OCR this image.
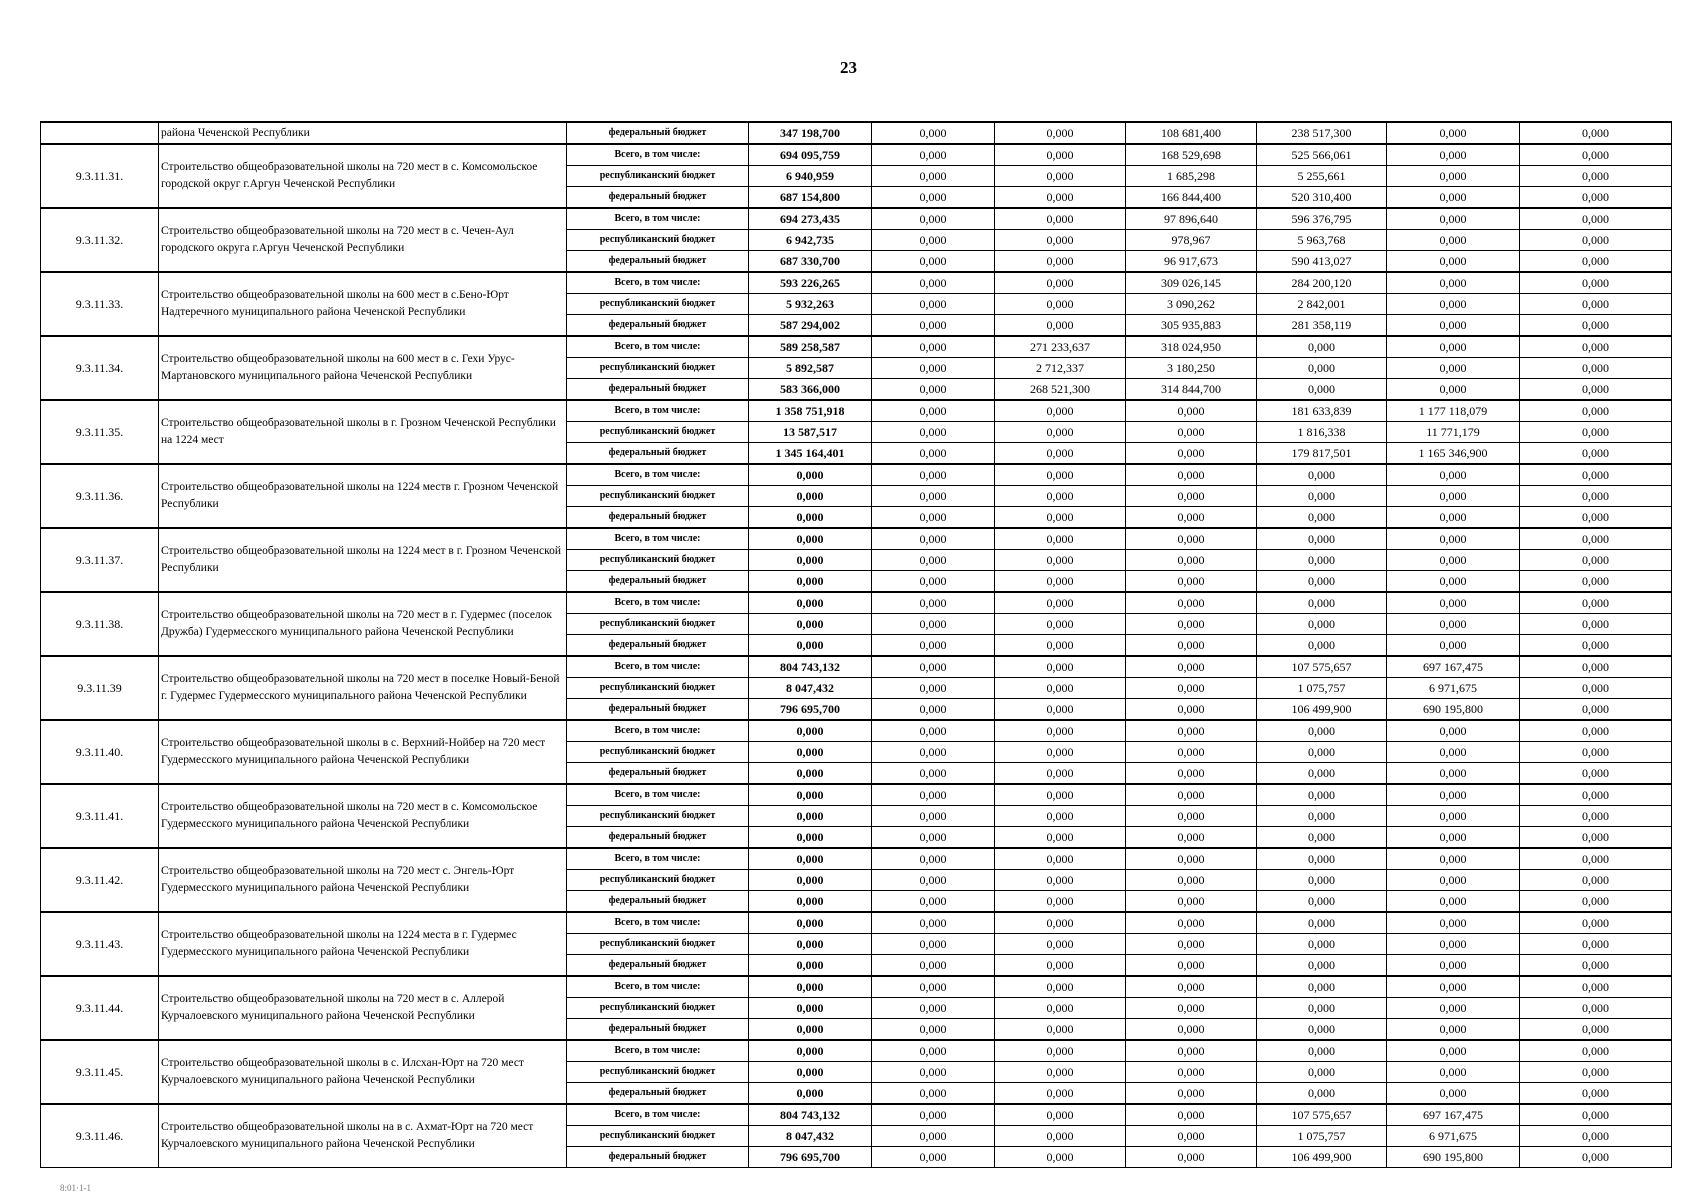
23
	района Чеченской Республики	федеральный бюджет	347 198,700	0,000	0,000	108 681,400	238 517,300	0,000	0,000
9.3.11.31.	Строительство общеобразовательной школы на 720 мест в с. Комсомольское городской округ г.Аргун Чеченской Республики	Всего, в том числе:	694 095,759	0,000	0,000	168 529,698	525 566,061	0,000	0,000
		республиканский бюджет	6 940,959	0,000	0,000	1 685,298	5 255,661	0,000	0,000
		федеральный бюджет	687 154,800	0,000	0,000	166 844,400	520 310,400	0,000	0,000
9.3.11.32.	Строительство общеобразовательной школы на 720 мест в с. Чечен-Аул городского округа г.Аргун Чеченской Республики	Всего, в том числе:	694 273,435	0,000	0,000	97 896,640	596 376,795	0,000	0,000
		республиканский бюджет	6 942,735	0,000	0,000	978,967	5 963,768	0,000	0,000
		федеральный бюджет	687 330,700	0,000	0,000	96 917,673	590 413,027	0,000	0,000
9.3.11.33.	Строительство общеобразовательной школы на 600 мест в с.Бено-Юрт Надтеречного муниципального района Чеченской Республики	Всего, в том числе:	593 226,265	0,000	0,000	309 026,145	284 200,120	0,000	0,000
		республиканский бюджет	5 932,263	0,000	0,000	3 090,262	2 842,001	0,000	0,000
		федеральный бюджет	587 294,002	0,000	0,000	305 935,883	281 358,119	0,000	0,000
9.3.11.34.	Строительство общеобразовательной школы на 600 мест в с. Гехи Урус-Мартановского муниципального района Чеченской Республики	Всего, в том числе:	589 258,587	0,000	271 233,637	318 024,950	0,000	0,000	0,000
		республиканский бюджет	5 892,587	0,000	2 712,337	3 180,250	0,000	0,000	0,000
		федеральный бюджет	583 366,000	0,000	268 521,300	314 844,700	0,000	0,000	0,000
9.3.11.35.	Строительство общеобразовательной школы в г. Грозном Чеченской Республики на 1224 мест	Всего, в том числе:	1 358 751,918	0,000	0,000	0,000	181 633,839	1 177 118,079	0,000
		республиканский бюджет	13 587,517	0,000	0,000	0,000	1 816,338	11 771,179	0,000
		федеральный бюджет	1 345 164,401	0,000	0,000	0,000	179 817,501	1 165 346,900	0,000
9.3.11.36.	Строительство общеобразовательной школы на 1224 меств г. Грозном Чеченской Республики	Всего, в том числе:	0,000	0,000	0,000	0,000	0,000	0,000	0,000
		республиканский бюджет	0,000	0,000	0,000	0,000	0,000	0,000	0,000
		федеральный бюджет	0,000	0,000	0,000	0,000	0,000	0,000	0,000
9.3.11.37.	Строительство общеобразовательной школы на 1224 мест в г. Грозном Чеченской Республики	Всего, в том числе:	0,000	0,000	0,000	0,000	0,000	0,000	0,000
		республиканский бюджет	0,000	0,000	0,000	0,000	0,000	0,000	0,000
		федеральный бюджет	0,000	0,000	0,000	0,000	0,000	0,000	0,000
9.3.11.38.	Строительство общеобразовательной школы на 720 мест в г. Гудермес (поселок Дружба) Гудермесского муниципального района Чеченской Республики	Всего, в том числе:	0,000	0,000	0,000	0,000	0,000	0,000	0,000
		республиканский бюджет	0,000	0,000	0,000	0,000	0,000	0,000	0,000
		федеральный бюджет	0,000	0,000	0,000	0,000	0,000	0,000	0,000
9.3.11.39	Строительство общеобразовательной школы на 720 мест в поселке Новый-Беной г. Гудермес Гудермесского муниципального района Чеченской Республики	Всего, в том числе:	804 743,132	0,000	0,000	0,000	107 575,657	697 167,475	0,000
		республиканский бюджет	8 047,432	0,000	0,000	0,000	1 075,757	6 971,675	0,000
		федеральный бюджет	796 695,700	0,000	0,000	0,000	106 499,900	690 195,800	0,000
9.3.11.40.	Строительство общеобразовательной школы в с. Верхний-Нойбер на 720 мест Гудермесского муниципального района Чеченской Республики	Всего, в том числе:	0,000	0,000	0,000	0,000	0,000	0,000	0,000
		республиканский бюджет	0,000	0,000	0,000	0,000	0,000	0,000	0,000
		федеральный бюджет	0,000	0,000	0,000	0,000	0,000	0,000	0,000
9.3.11.41.	Строительство общеобразовательной школы на 720 мест в с. Комсомольское Гудермесского муниципального района Чеченской Республики	Всего, в том числе:	0,000	0,000	0,000	0,000	0,000	0,000	0,000
		республиканский бюджет	0,000	0,000	0,000	0,000	0,000	0,000	0,000
		федеральный бюджет	0,000	0,000	0,000	0,000	0,000	0,000	0,000
9.3.11.42.	Строительство общеобразовательной школы на 720 мест с. Энгель-Юрт Гудермесского муниципального района Чеченской Республики	Всего, в том числе:	0,000	0,000	0,000	0,000	0,000	0,000	0,000
		республиканский бюджет	0,000	0,000	0,000	0,000	0,000	0,000	0,000
		федеральный бюджет	0,000	0,000	0,000	0,000	0,000	0,000	0,000
9.3.11.43.	Строительство общеобразовательной школы на 1224 места в г. Гудермес Гудермесского муниципального района Чеченской Республики	Всего, в том числе:	0,000	0,000	0,000	0,000	0,000	0,000	0,000
		республиканский бюджет	0,000	0,000	0,000	0,000	0,000	0,000	0,000
		федеральный бюджет	0,000	0,000	0,000	0,000	0,000	0,000	0,000
9.3.11.44.	Строительство общеобразовательной школы на 720 мест в с. Аллерой Курчалоевского муниципального района Чеченской Республики	Всего, в том числе:	0,000	0,000	0,000	0,000	0,000	0,000	0,000
		республиканский бюджет	0,000	0,000	0,000	0,000	0,000	0,000	0,000
		федеральный бюджет	0,000	0,000	0,000	0,000	0,000	0,000	0,000
9.3.11.45.	Строительство общеобразовательной школы в с. Илсхан-Юрт на 720 мест Курчалоевского муниципального района Чеченской Республики	Всего, в том числе:	0,000	0,000	0,000	0,000	0,000	0,000	0,000
		республиканский бюджет	0,000	0,000	0,000	0,000	0,000	0,000	0,000
		федеральный бюджет	0,000	0,000	0,000	0,000	0,000	0,000	0,000
9.3.11.46.	Строительство общеобразовательной школы на в с. Ахмат-Юрт на 720 мест Курчалоевского муниципального района Чеченской Республики	Всего, в том числе:	804 743,132	0,000	0,000	0,000	107 575,657	697 167,475	0,000
		республиканский бюджет	8 047,432	0,000	0,000	0,000	1 075,757	6 971,675	0,000
		федеральный бюджет	796 695,700	0,000	0,000	0,000	106 499,900	690 195,800	0,000
8:01·1-1
